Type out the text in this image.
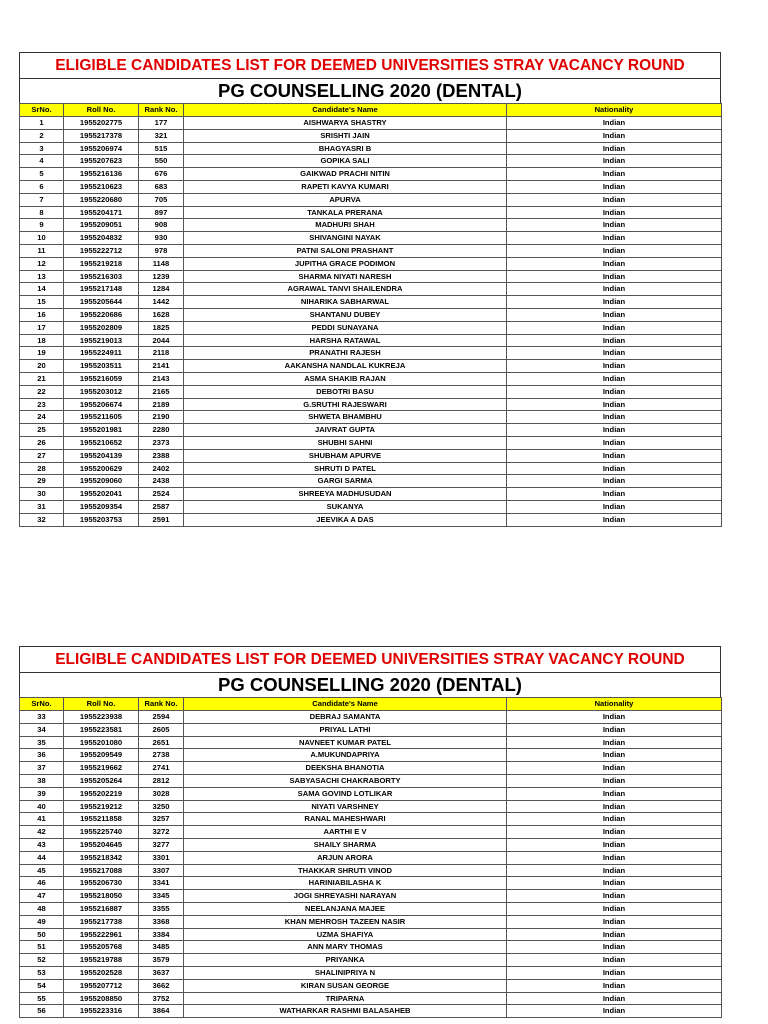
ELIGIBLE CANDIDATES LIST FOR DEEMED UNIVERSITIES STRAY VACANCY ROUND
PG COUNSELLING 2020 (DENTAL)
SrNo.	Roll No.	Rank No.	Candidate's Name	Nationality
1	1955202775	177	AISHWARYA SHASTRY	Indian
2	1955217378	321	SRISHTI JAIN	Indian
3	1955206974	515	BHAGYASRI B	Indian
4	1955207623	550	GOPIKA SALI	Indian
5	1955216136	676	GAIKWAD PRACHI NITIN	Indian
6	1955210623	683	RAPETI KAVYA KUMARI	Indian
7	1955220680	705	APURVA	Indian
8	1955204171	897	TANKALA PRERANA	Indian
9	1955209051	908	MADHURI SHAH	Indian
10	1955204832	930	SHIVANGINI NAYAK	Indian
11	1955222712	978	PATNI SALONI PRASHANT	Indian
12	1955219218	1148	JUPITHA GRACE PODIMON	Indian
13	1955216303	1239	SHARMA NIYATI NARESH	Indian
14	1955217148	1284	AGRAWAL TANVI SHAILENDRA	Indian
15	1955205644	1442	NIHARIKA SABHARWAL	Indian
16	1955220686	1628	SHANTANU DUBEY	Indian
17	1955202809	1825	PEDDI SUNAYANA	Indian
18	1955219013	2044	HARSHA RATAWAL	Indian
19	1955224911	2118	PRANATHI RAJESH	Indian
20	1955203511	2141	AAKANSHA NANDLAL KUKREJA	Indian
21	1955216059	2143	ASMA SHAKIB RAJAN	Indian
22	1955203012	2165	DEBOTRI BASU	Indian
23	1955206674	2189	G.SRUTHI RAJESWARI	Indian
24	1955211605	2190	SHWETA BHAMBHU	Indian
25	1955201981	2280	JAIVRAT GUPTA	Indian
26	1955210652	2373	SHUBHI SAHNI	Indian
27	1955204139	2388	SHUBHAM APURVE	Indian
28	1955200629	2402	SHRUTI D PATEL	Indian
29	1955209060	2438	GARGI SARMA	Indian
30	1955202041	2524	SHREEYA MADHUSUDAN	Indian
31	1955209354	2587	SUKANYA	Indian
32	1955203753	2591	JEEVIKA A DAS	Indian
ELIGIBLE CANDIDATES LIST FOR DEEMED UNIVERSITIES STRAY VACANCY ROUND
PG COUNSELLING 2020 (DENTAL)
SrNo.	Roll No.	Rank No.	Candidate's Name	Nationality
33	1955223938	2594	DEBRAJ SAMANTA	Indian
34	1955223581	2605	PRIYAL LATHI	Indian
35	1955201080	2651	NAVNEET KUMAR PATEL	Indian
36	1955209549	2738	A.MUKUNDAPRIYA	Indian
37	1955219662	2741	DEEKSHA BHANOTIA	Indian
38	1955205264	2812	SABYASACHI CHAKRABORTY	Indian
39	1955202219	3028	SAMA GOVIND LOTLIKAR	Indian
40	1955219212	3250	NIYATI VARSHNEY	Indian
41	1955211858	3257	RANAL MAHESHWARI	Indian
42	1955225740	3272	AARTHI E V	Indian
43	1955204645	3277	SHAILY SHARMA	Indian
44	1955218342	3301	ARJUN ARORA	Indian
45	1955217088	3307	THAKKAR SHRUTI VINOD	Indian
46	1955206730	3341	HARINIABILASHA K	Indian
47	1955218050	3345	JOGI SHREYASHI NARAYAN	Indian
48	1955216887	3355	NEELANJANA MAJEE	Indian
49	1955217738	3368	KHAN MEHROSH TAZEEN NASIR	Indian
50	1955222961	3384	UZMA SHAFIYA	Indian
51	1955205768	3485	ANN MARY THOMAS	Indian
52	1955219788	3579	PRIYANKA	Indian
53	1955202528	3637	SHALINIPRIYA N	Indian
54	1955207712	3662	KIRAN SUSAN GEORGE	Indian
55	1955208850	3752	TRIPARNA	Indian
56	1955223316	3864	WATHARKAR RASHMI BALASAHEB	Indian
